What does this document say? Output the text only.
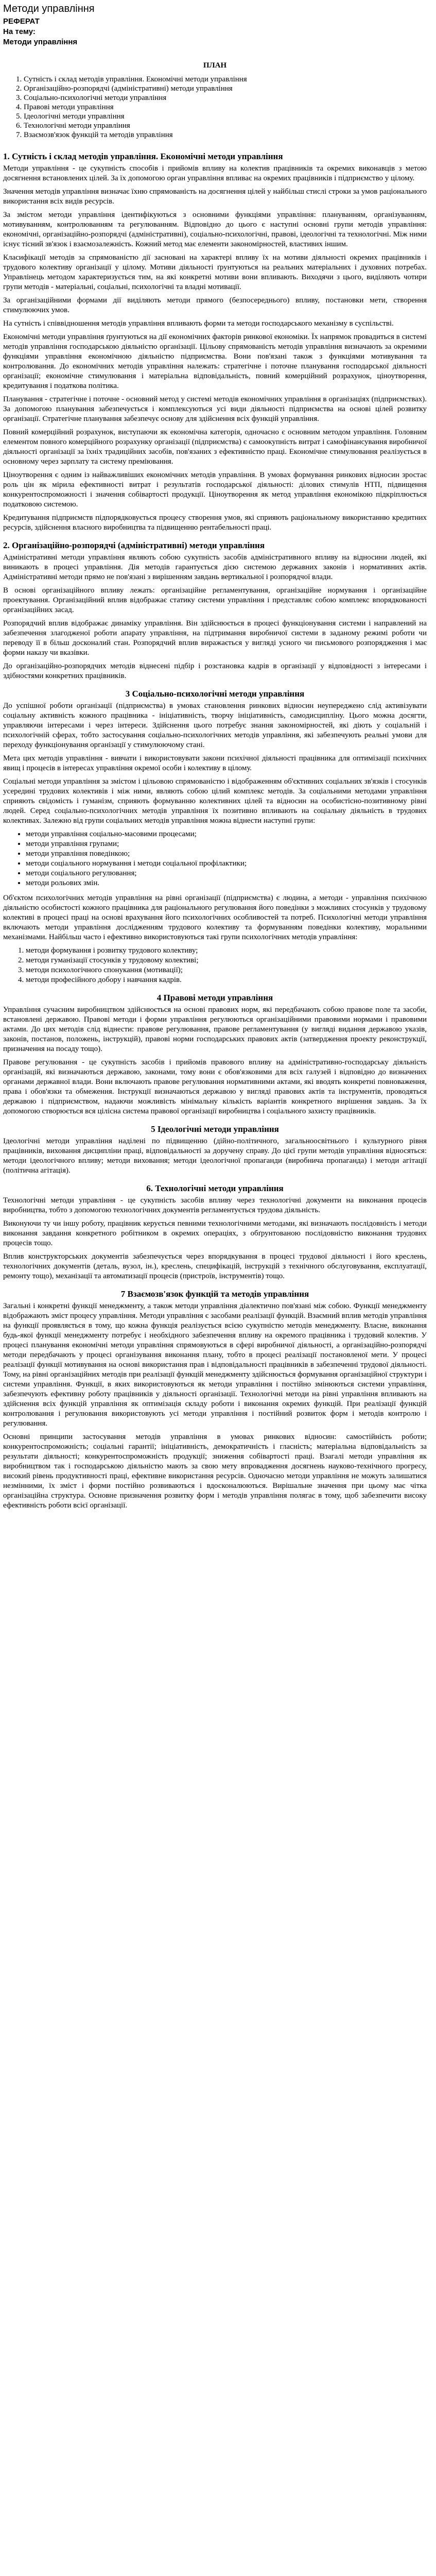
Методи управління
РЕФЕРАТ
На тему:
Методи управління
ПЛАН
1. Сутність і склад методів управління. Економічні методи управління
2. Організаційно-розпорядчі (адміністративні) методи управління
3. Соціально-психологічні методи управління
4. Правові методи управління
5. Ідеологічні методи управління
6. Технологічні методи управління
7. Взаємозв'язок функцій та методів управління
1. Сутність і склад методів управління. Економічні методи управління

Методи управління - це сукупність способів і прийомів впливу на колектив працівників та окремих виконавців з метою досягнення встановлених цілей. За їх допомогою орган управління впливає на окремих працівників і підприємство у цілому.

Значення методів управління визначає їхню спрямованість на досягнення цілей у найбільш стислі строки за умов раціонального використання всіх видів ресурсів.

За змістом методи управління ідентифікуються з основними функціями управління: плануванням, організуванням, мотивуванням, контролюванням та регулюванням. Відповідно до цього є наступні основні групи методів управління: економічні, організаційно-розпорядчі (адміністративні), соціально-психологічні, правові, ідеологічні та технологічні. Між ними існує тісний зв'язок і взаємозалежність. Кожний метод має елементи закономірностей, властивих іншим.

Класифікації методів за спрямованістю дії засновані на характері впливу їх на мотиви діяльності окремих працівників і трудового колективу організації у цілому. Мотиви діяльності ґрунтуються на реальних матеріальних і духовних потребах. Управлінець методом характеризується тим, на які конкретні мотиви вони впливають. Виходячи з цього, виділяють чотири групи методів - матеріальні, соціальні, психологічні та владні мотивації.

За організаційними формами дії виділяють методи прямого (безпосереднього) впливу, постановки мети, створення стимулюючих умов.

На сутність і співвідношення методів управління впливають форми та методи господарського механізму в суспільстві.

Економічні методи управління ґрунтуються на дії економічних факторів ринкової економіки. Їх напрямок провадиться в системі методів управління господарською діяльністю організації. Цільову спрямованість методів управління визначають за окремими функціями управління економічною діяльністю підприємства. Вони пов'язані також з функціями мотивування та контролювання. До економічних методів управління належать: стратегічне і поточне планування господарської діяльності організації; економічне стимулювання і матеріальна відповідальність, повний комерційний розрахунок, ціноутворення, кредитування і податкова політика.

Планування - стратегічне і поточне - основний метод у системі методів економічних управління в організаціях (підприємствах). За допомогою планування забезпечується і комплексуються усі види діяльності підприємства на основі цілей розвитку організації. Стратегічне планування забезпечує основу для здійснення всіх функцій управління.

Повний комерційний розрахунок, виступаючи як економічна категорія, одночасно є основним методом управління. Головним елементом повного комерційного розрахунку організації (підприємства) є самоокупність витрат і самофінансування виробничої діяльності організації за їхніх традиційних засобів, пов'язаних з ефективністю праці. Економічне стимулювання реалізується в основному через зарплату та систему преміювання.

Ціноутворення є одним із найважливіших економічних методів управління. В умовах формування ринкових відносин зростає роль цін як мірила ефективності витрат і результатів господарської діяльності: ділових стимулів НТП, підвищення конкурентоспроможності і значення собівартості продукції. Ціноутворення як метод управління економікою підкріплюється податковою системою.

Кредитування підприємств підпорядковується процесу створення умов, які сприяють раціональному використанню кредитних ресурсів, здійснення власного виробництва та підвищенню рентабельності праці.

2. Організаційно-розпорядчі (адміністративні) методи управління

Адміністративні методи управління являють собою сукупність засобів адміністративного впливу на відносини людей, які виникають в процесі управління. Дія методів гарантується дією системою державних законів і нормативних актів. Адміністративні методи прямо не пов'язані з вирішенням завдань вертикальної і розпорядчої влади.

В основі організаційного впливу лежать: організаційне регламентування, організаційне нормування і організаційне проектування. Організаційний вплив відображає статику системи управління і представляє собою комплекс впорядкованості організаційних засад.

Розпорядчий вплив відображає динаміку управління. Він здійснюється в процесі функціонування системи і направлений на забезпечення злагодженої роботи апарату управління, на підтримання виробничої системи в заданому режимі роботи чи переводу її в більш досконалий стан. Розпорядчий вплив виражається у вигляді усного чи письмового розпорядження і має форми наказу чи вказівки.

До організаційно-розпорядчих методів віднесені підбір і розстановка кадрів в організації у відповідності з інтересами і здібностями конкретних працівників.

3 Соціально-психологічні методи управління

До успішної роботи організації (підприємства) в умовах становлення ринкових відносин неупереджено слід активізувати соціальну активність кожного працівника - ініціативність, творчу ініціативність, самодисципліну. Цього можна досягти, управляючи інтересами і через інтереси. Здійснення цього потребує знання закономірностей, які діють у соціальній і психологічній сферах, тобто застосування соціально-психологічних методів управління, які забезпечують реальні умови для переходу функціонування організації у стимулюючому стані.

Мета цих методів управління - вивчати і використовувати закони психічної діяльності працівника для оптимізації психічних явищ і процесів в інтересах управління окремої особи і колективу в цілому.

Соціальні методи управління за змістом і цільовою спрямованістю і відображенням об'єктивних соціальних зв'язків і стосунків усередині трудових колективів і між ними, являють собою цілий комплекс методів. За соціальними методами управління сприяють свідомість і гуманізм, сприяють формуванню колективних цілей та відносин на особистісно-позитивному рівні людей. Серед соціально-психологічних методів управління їх позитивно впливають на соціальну діяльність в трудових колективах. Залежно від групи соціальних методів управління можна віднести наступні групи:

• методи управління соціально-масовими процесами;
• методи управління групами;
• методи управління поведінкою;
• методи соціального нормування і методи соціальної профілактики;
• методи соціального регулювання;
• методи рольових змін.

Об'єктом психологічних методів управління на рівні організації (підприємства) є людина, а методи - управління психічною діяльністю особистості кожного працівника для раціонального регулювання його поведінки з можливих стосунків у трудовому колективі в процесі праці на основі врахування його психологічних особливостей та потреб. Психологічні методи управління включають методи управління дослідженням трудового колективу та формуванням поведінки колективу, моральними механізмами. Найбільш часто і ефективно використовуються такі групи психологічних методів управління:

1. методи формування і розвитку трудового колективу;
2. методи гуманізації стосунків у трудовому колективі;
3. методи психологічного спонукання (мотивації);
4. методи професійного добору і навчання кадрів.
4 Правові методи управління

Управління сучасним виробництвом здійснюється на основі правових норм, які передбачають собою правове поле та засоби, встановлені державою. Правові методи і форми управління регулюються організаційними правовими нормами і правовими актами. До цих методів слід віднести: правове регулювання, правове регламентування (у вигляді видання державою указів, законів, постанов, положень, інструкцій), правові норми господарських правових актів (затвердження проекту реконструкції, призначення на посаду тощо).

Правове регулювання - це сукупність засобів і прийомів правового впливу на адміністративно-господарську діяльність організацій, які визначаються державою, законами, тому вони є обов'язковими для всіх галузей і відповідно до визначених органами державної влади. Вони включають правове регулювання нормативними актами, які вводять конкретні повноваження, права і обов'язки та обмеження. Інструкції визначаються державою у вигляді правових актів та інструментів, проводяться державою і підприємством, надаючи можливість мінімальну кількість варіантів конкретного вирішення завдань. За їх допомогою створюється вся цілісна система правової організації виробництва і соціального захисту працівників.

5 Ідеологічні методи управління

Ідеологічні методи управління наділені по підвищенню (дійно-політичного, загальноосвітнього і культурного рівня працівників, виховання дисципліни праці, відповідальності за доручену справу. До цієї групи методів управління відносяться: методи ідеологічного впливу; методи виховання; методи ідеологічної пропаганди (виробнича пропаганда) і методи агітації (політична агітація).

6. Технологічні методи управління

Технологічні методи управління - це сукупність засобів впливу через технологічні документи на виконання процесів виробництва, тобто з допомогою технологічних документів регламентується трудова діяльність.

Виконуючи ту чи іншу роботу, працівник керується певними технологічними методами, які визначають послідовність і методи виконання завдання конкретного робітником в окремих операціях, з обґрунтованою послідовністю виконання трудових процесів тощо.

Вплив конструкторських документів забезпечується через впорядкування в процесі трудової діяльності і його креслень, технологічних документів (деталь, вузол, ін.), креслень, специфікацій, інструкцій з технічного обслуговування, експлуатації, ремонту тощо), механізації та автоматизації процесів (пристроїв, інструментів) тощо.

7 Взаємозв'язок функцій та методів управління

Загальні і конкретні функції менеджменту, а також методи управління діалектично пов'язані між собою. Функції менеджменту відображають зміст процесу управління. Методи управління є засобами реалізації функцій. Взаємний вплив методів управління на функції проявляється в тому, що кожна функція реалізується всією сукупністю методів менеджменту. Власне, виконання будь-якої функції менеджменту потребує і необхідного забезпечення впливу на окремого працівника і трудовий колектив. У процесі планування економічні методи управління спрямовуються в сфері виробничої діяльності, а організаційно-розпорядчі методи передбачають у процесі організування виконання плану, тобто в процесі реалізації постановленої мети. У процесі реалізації функції мотивування на основі використання прав і відповідальності працівників в забезпеченні трудової діяльності. Тому, на рівні організаційних методів при реалізації функцій менеджменту здійснюється формування організаційної структури і системи управління. Функції, в яких використовуються як методи управління і постійно змінюються системи управління, забезпечують ефективну роботу працівників у діяльності організації. Технологічні методи на рівні управління впливають на здійснення всіх функцій управління як оптимізація складу роботи і виконання окремих функцій. При реалізації функцій контролювання і регулювання використовують усі методи управління і постійний розвиток форм і методів контролю і регулювання.

Основні принципи застосування методів управління в умовах ринкових відносин: самостійність роботи; конкурентоспроможність; соціальні гарантії; ініціативність, демократичність і гласність; матеріальна відповідальність за результати діяльності; конкурентоспроможність продукції; зниження собівартості праці. Взагалі методи управління як виробництвом так і господарською діяльністю мають за свою мету впровадження досягнень науково-технічного прогресу, високий рівень продуктивності праці, ефективне використання ресурсів. Одночасно методи управління не можуть залишатися незмінними, їх зміст і форми постійно розвиваються і вдосконалюються. Вирішальне значення при цьому має чітка організаційна структура. Основне призначення розвитку форм і методів управління полягає в тому, щоб забезпечити високу ефективність роботи всієї організації.
